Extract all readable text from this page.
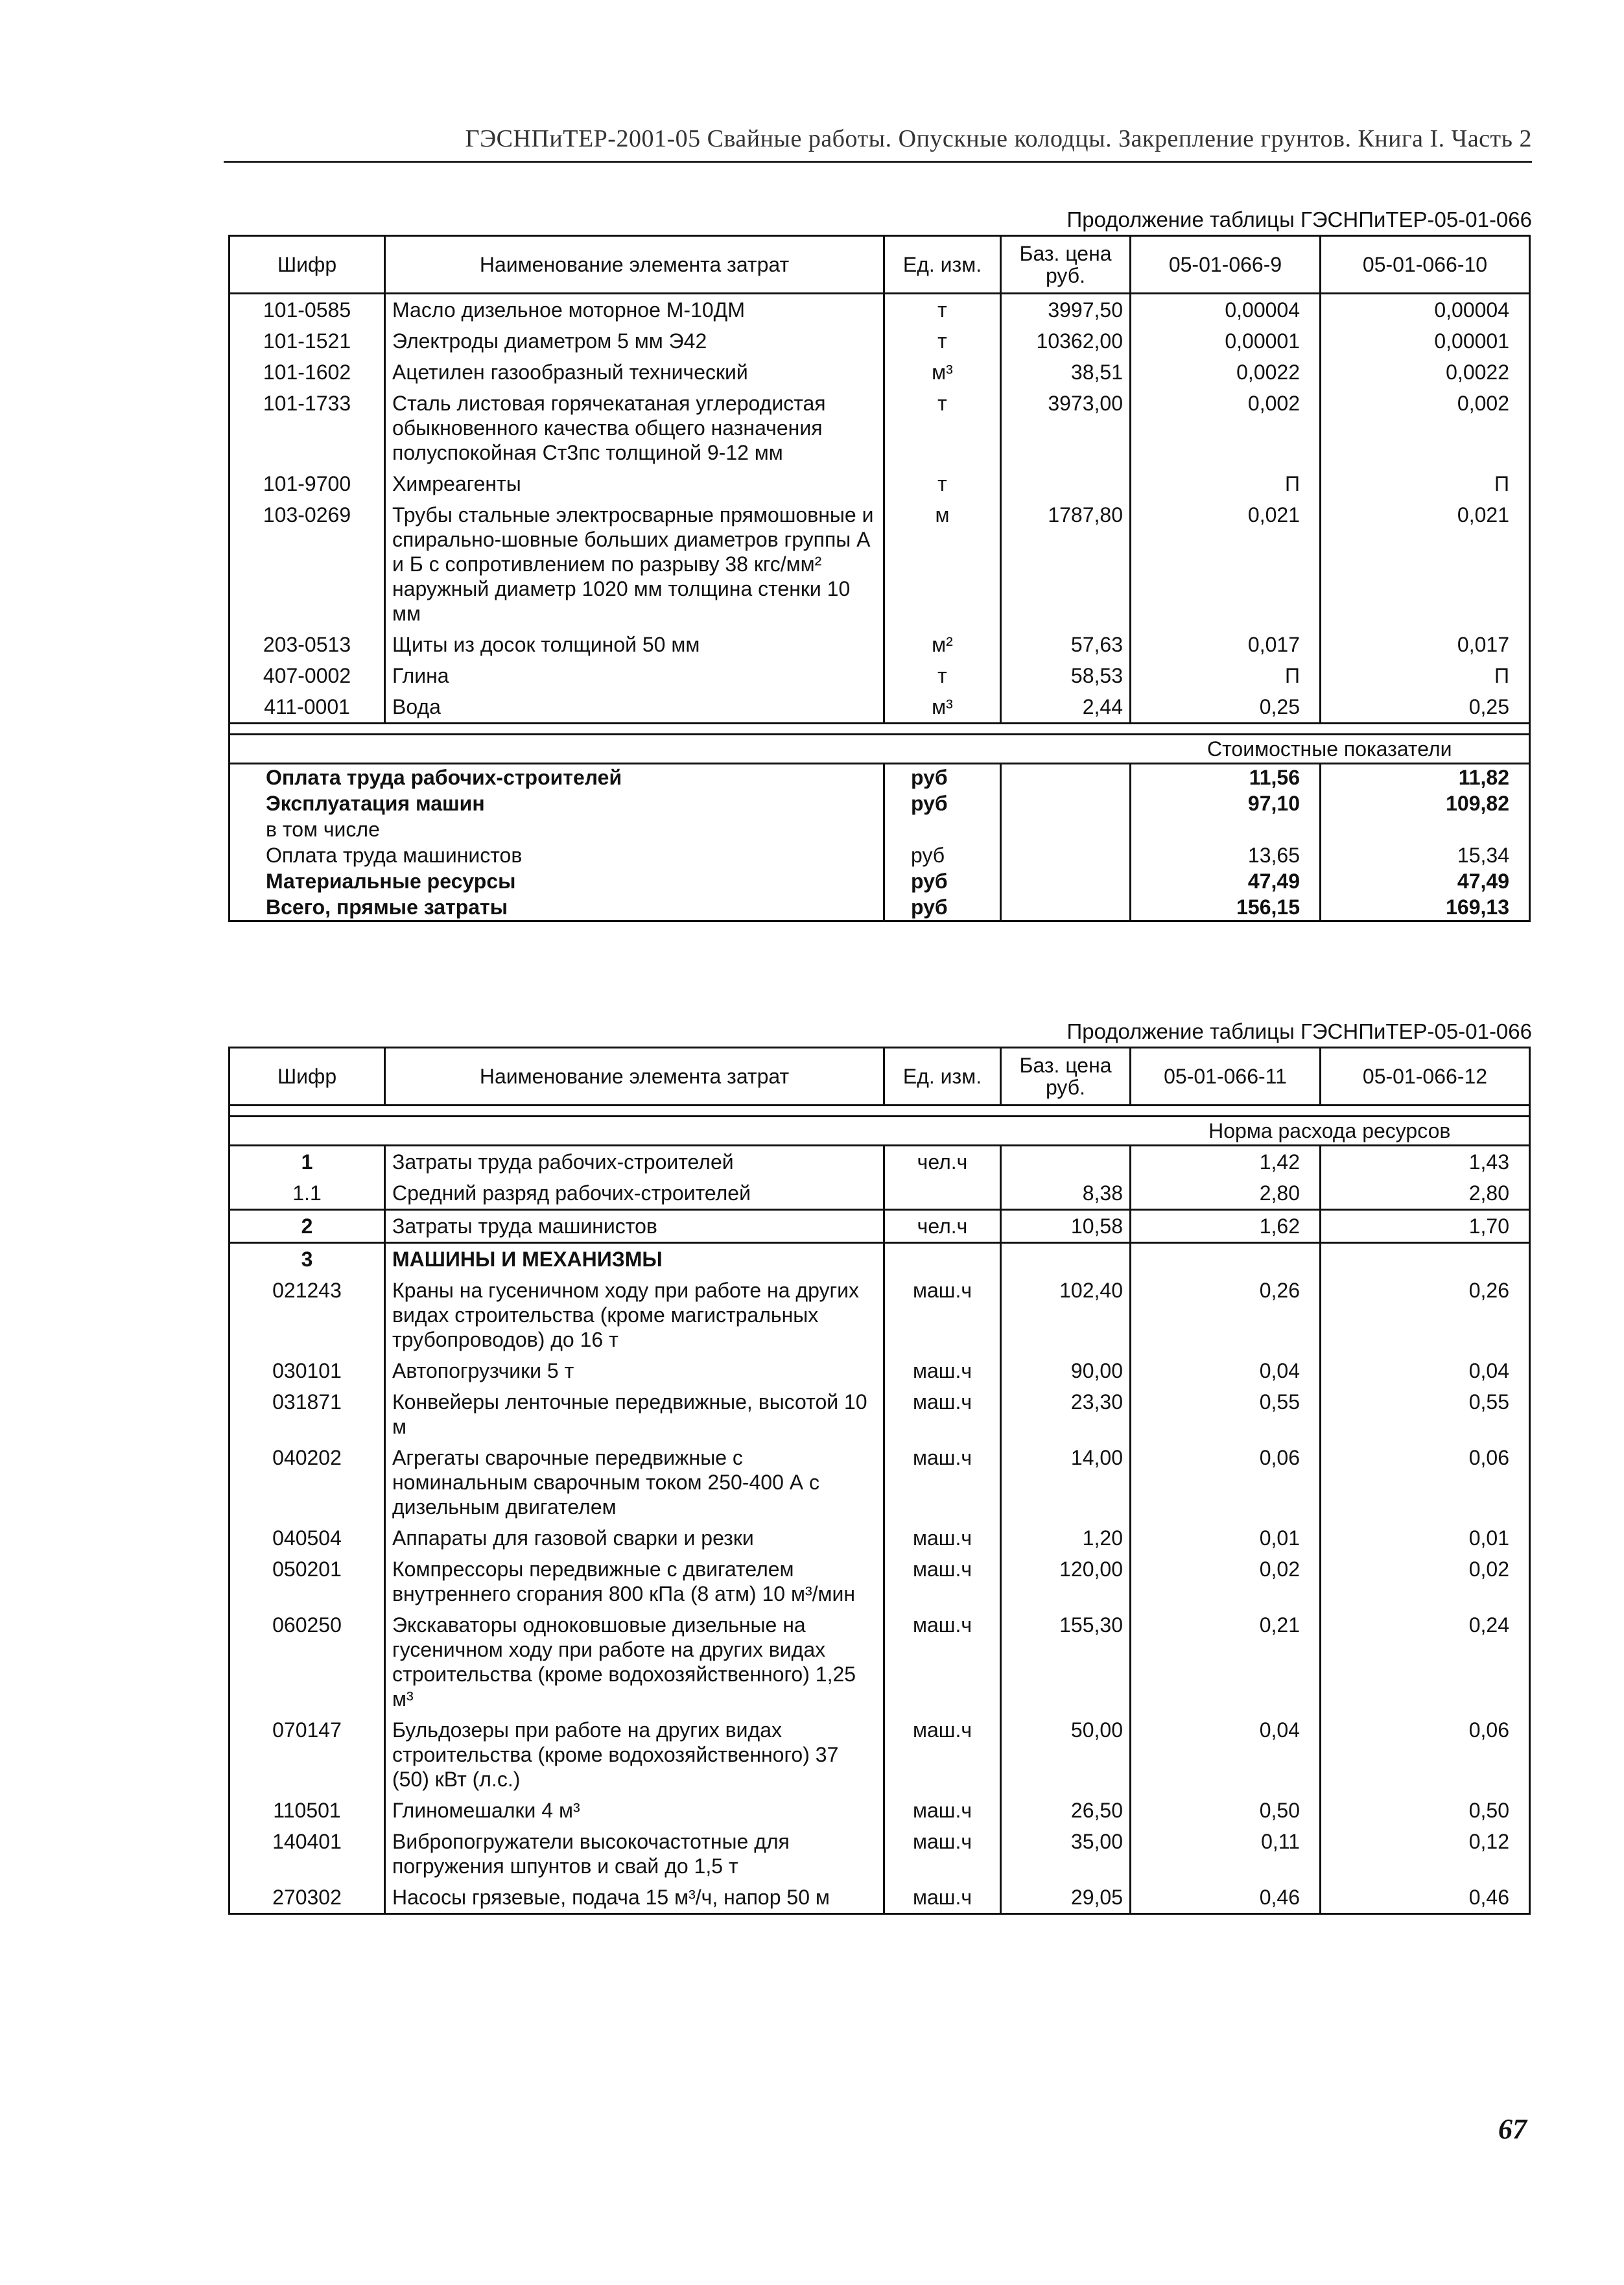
ГЭСНПиТЕР-2001-05 Свайные работы. Опускные колодцы. Закрепление грунтов. Книга I. Часть 2
Продолжение таблицы ГЭСНПиТЕР-05-01-066
Шифр	Наименование элемента затрат	Ед. изм.	Баз. цена руб.	05-01-066-9	05-01-066-10
101-0585	Масло дизельное моторное М-10ДМ	т	3997,50	0,00004	0,00004
101-1521	Электроды диаметром 5 мм Э42	т	10362,00	0,00001	0,00001
101-1602	Ацетилен газообразный технический	м³	38,51	0,0022	0,0022
101-1733	Сталь листовая горячекатаная углеродистая обыкновенного качества общего назначения полуспокойная Ст3пс толщиной 9-12 мм	т	3973,00	0,002	0,002
101-9700	Химреагенты	т		П	П
103-0269	Трубы стальные электросварные прямошовные и спирально-шовные больших диаметров группы А и Б с сопротивлением по разрыву 38 кгс/мм² наружный диаметр 1020 мм толщина стенки 10 мм	м	1787,80	0,021	0,021
203-0513	Щиты из досок толщиной 50 мм	м²	57,63	0,017	0,017
407-0002	Глина	т	58,53	П	П
411-0001	Вода	м³	2,44	0,25	0,25

				Стоимостные показатели	
Оплата труда рабочих-строителей		руб		11,56	11,82
Эксплуатация машин		руб		97,10	109,82
в том числе					
Оплата труда машинистов		руб		13,65	15,34
Материальные ресурсы		руб		47,49	47,49
Всего, прямые затраты		руб		156,15	169,13
Продолжение таблицы ГЭСНПиТЕР-05-01-066
Шифр	Наименование элемента затрат	Ед. изм.	Баз. цена руб.	05-01-066-11	05-01-066-12

				Норма расхода ресурсов	
1	Затраты труда рабочих-строителей	чел.ч		1,42	1,43
1.1	Средний разряд рабочих-строителей		8,38	2,80	2,80
2	Затраты труда машинистов	чел.ч	10,58	1,62	1,70
3	МАШИНЫ И МЕХАНИЗМЫ				
021243	Краны на гусеничном ходу при работе на других видах строительства (кроме магистральных трубопроводов) до 16 т	маш.ч	102,40	0,26	0,26
030101	Автопогрузчики 5 т	маш.ч	90,00	0,04	0,04
031871	Конвейеры ленточные передвижные, высотой 10 м	маш.ч	23,30	0,55	0,55
040202	Агрегаты сварочные передвижные с номинальным сварочным током 250-400 А с дизельным двигателем	маш.ч	14,00	0,06	0,06
040504	Аппараты для газовой сварки и резки	маш.ч	1,20	0,01	0,01
050201	Компрессоры передвижные с двигателем внутреннего сгорания 800 кПа (8 атм) 10 м³/мин	маш.ч	120,00	0,02	0,02
060250	Экскаваторы одноковшовые дизельные на гусеничном ходу при работе на других видах строительства (кроме водохозяйственного) 1,25 м³	маш.ч	155,30	0,21	0,24
070147	Бульдозеры при работе на других видах строительства (кроме водохозяйственного) 37 (50) кВт (л.с.)	маш.ч	50,00	0,04	0,06
110501	Глиномешалки 4 м³	маш.ч	26,50	0,50	0,50
140401	Вибропогружатели высокочастотные для погружения шпунтов и свай до 1,5 т	маш.ч	35,00	0,11	0,12
270302	Насосы грязевые, подача 15 м³/ч, напор 50 м	маш.ч	29,05	0,46	0,46
67
